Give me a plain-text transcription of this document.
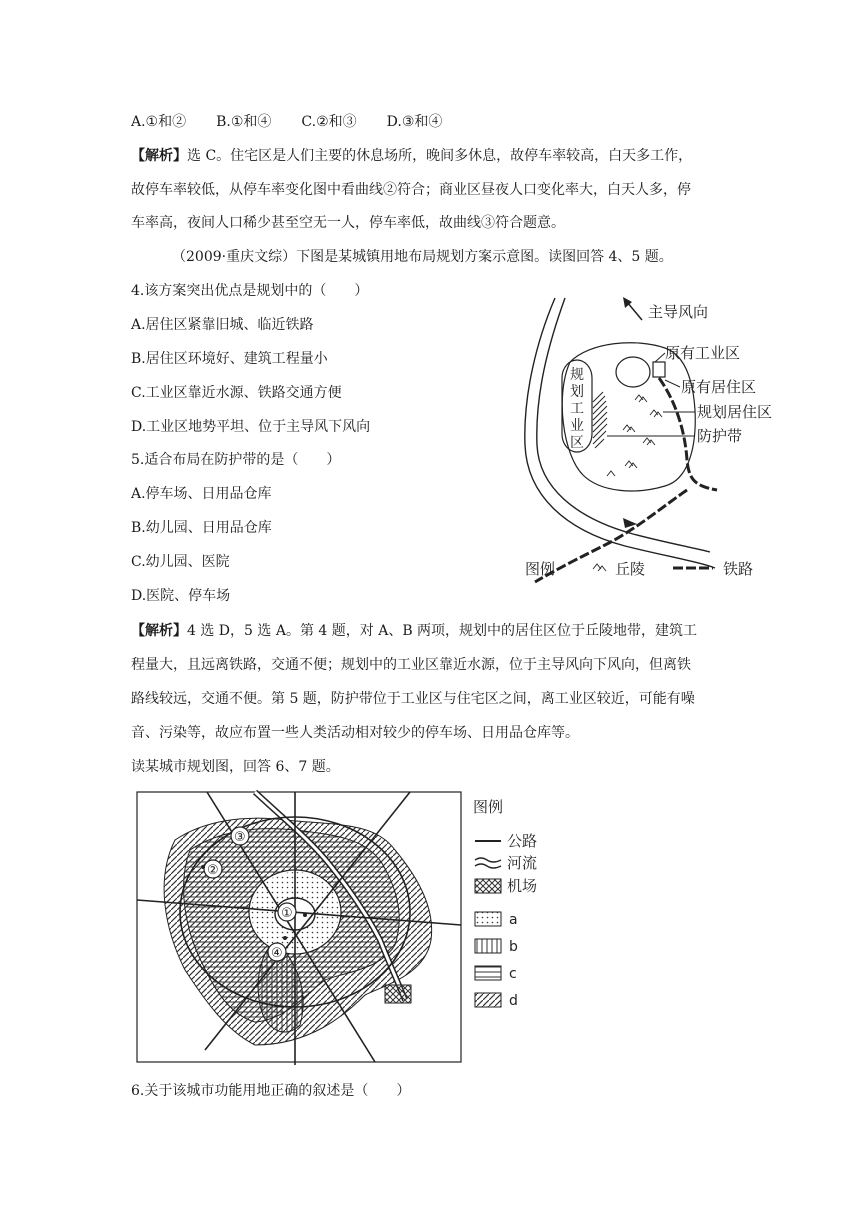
A.①和② B.①和④ C.②和③ D.③和④
【解析】选 C。住宅区是人们主要的休息场所，晚间多休息，故停车率较高，白天多工作，
故停车率较低，从停车率变化图中看曲线②符合；商业区昼夜人口变化率大，白天人多，停
车率高，夜间人口稀少甚至空无一人，停车率低，故曲线③符合题意。
（2009·重庆文综）下图是某城镇用地布局规划方案示意图。读图回答 4、5 题。
4.该方案突出优点是规划中的（　　）
A.居住区紧靠旧城、临近铁路
B.居住区环境好、建筑工程量小
C.工业区靠近水源、铁路交通方便
D.工业区地势平坦、位于主导风下风向
5.适合布局在防护带的是（　　）
A.停车场、日用品仓库
B.幼儿园、日用品仓库
C.幼儿园、医院
D.医院、停车场
主导风向
规
划
工
业
区
原有工业区
原有居住区
规划居住区
防护带
图例	丘陵	铁路
【解析】4 选 D，5 选 A。第 4 题，对 A、B 两项，规划中的居住区位于丘陵地带，建筑工
程量大，且远离铁路，交通不便；规划中的工业区靠近水源，位于主导风向下风向，但离铁
路线较远，交通不便。第 5 题，防护带位于工业区与住宅区之间，离工业区较近，可能有噪
音、污染等，故应布置一些人类活动相对较少的停车场、日用品仓库等。
读某城市规划图，回答 6、7 题。
①
②
③
④
图例
公路
河流
机场
a
b
c
d
6.关于该城市功能用地正确的叙述是（　　）
